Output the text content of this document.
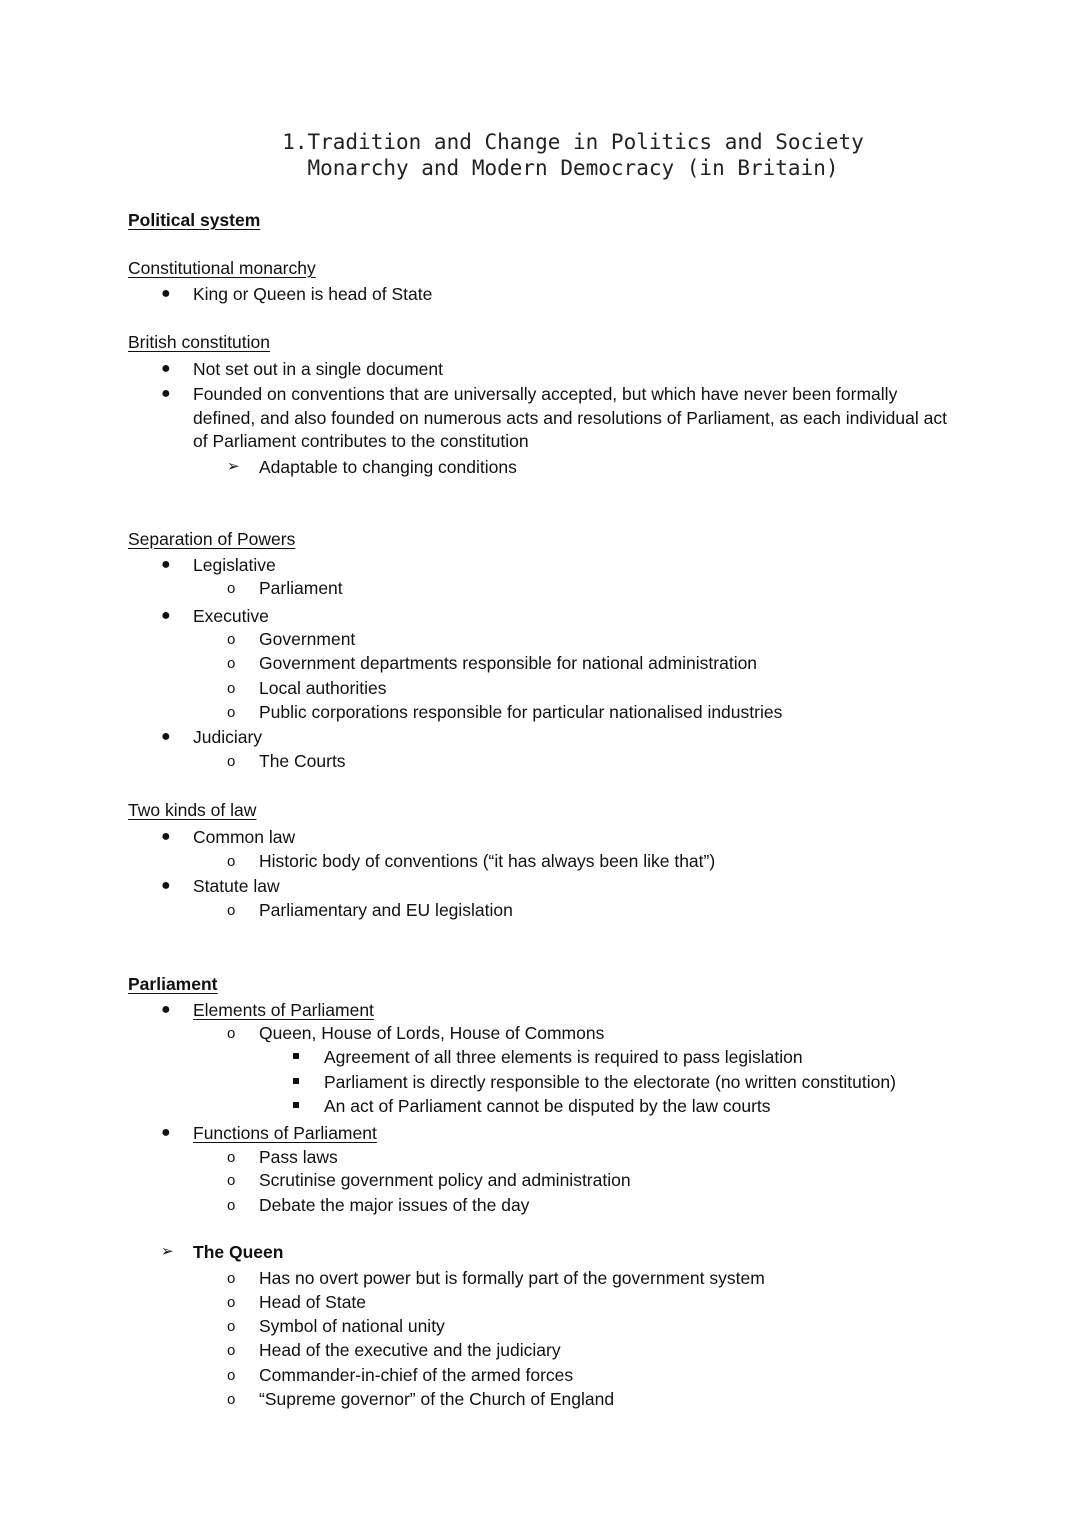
1.Tradition and Change in Politics and Society
Monarchy and Modern Democracy (in Britain)
Political system
Constitutional monarchy
● King or Queen is head of State
British constitution
● Not set out in a single document
● Founded on conventions that are universally accepted, but which have never been formally defined, and also founded on numerous acts and resolutions of Parliament, as each individual act of Parliament contributes to the constitution
➢ Adaptable to changing conditions
Separation of Powers
● Legislative
o Parliament
● Executive
o Government
o Government departments responsible for national administration
o Local authorities
o Public corporations responsible for particular nationalised industries
● Judiciary
o The Courts
Two kinds of law
● Common law
o Historic body of conventions (“it has always been like that”)
● Statute law
o Parliamentary and EU legislation
Parliament
● Elements of Parliament
o Queen, House of Lords, House of Commons
Agreement of all three elements is required to pass legislation
Parliament is directly responsible to the electorate (no written constitution)
An act of Parliament cannot be disputed by the law courts
● Functions of Parliament
o Pass laws
o Scrutinise government policy and administration
o Debate the major issues of the day
➢ The Queen
o Has no overt power but is formally part of the government system
o Head of State
o Symbol of national unity
o Head of the executive and the judiciary
o Commander-in-chief of the armed forces
o “Supreme governor” of the Church of England
